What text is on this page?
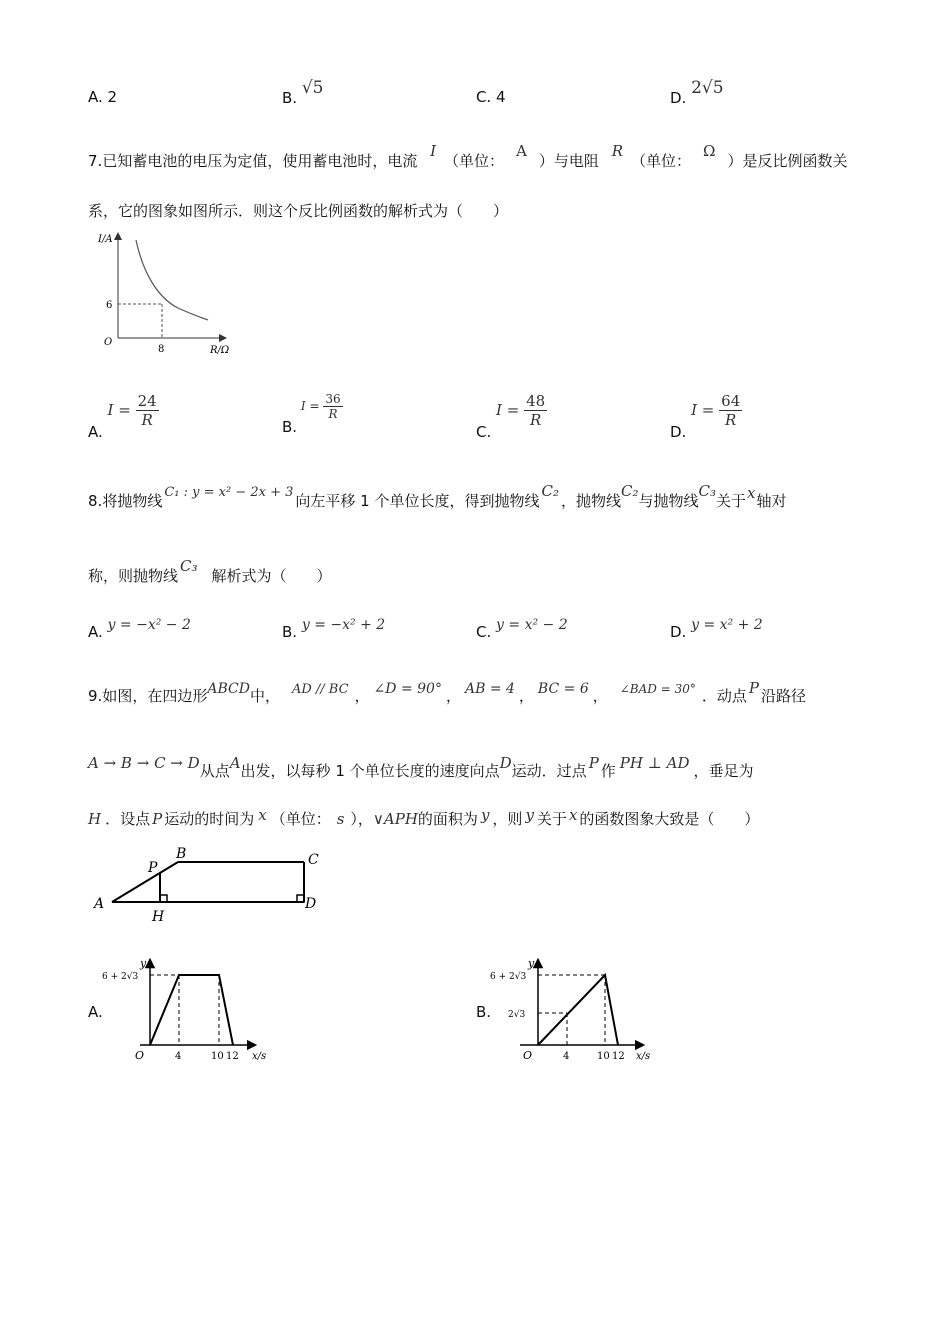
A. 2	B. √5	C. 4	D. 2√5
7.已知蓄电池的电压为定值，使用蓄电池时，电流 I（单位：A）与电阻 R（单位：Ω）是反比例函数关
系，它的图象如图所示．则这个反比例函数的解析式为（　　）
I/A
R/Ω
O
6
8
A. $I = \frac{24}{R}$	B. $I = \frac{36}{R}$
C. $I = \frac{48}{R}$
D. $I = \frac{64}{R}$
8.将抛物线 C₁ : y = x² − 2x + 3 向左平移 1 个单位长度，得到抛物线C₂，抛物线C₂与抛物线C₃关于x轴对
称，则抛物线C₃解析式为（　　）
A. y = −x² − 2	B. y = −x² + 2	C. y = x² − 2	D. y = x² + 2
9.如图，在四边形ABCD中， AD // BC ， ∠D = 90° ， AB = 4 ， BC = 6 ， $^{\angle BAD = 30^\circ}$ ．动点 P 沿路径
A → B → C → D从点A出发，以每秒 1 个单位长度的速度向点D运动．过点 P 作 PH ⊥ AD ，垂足为
H ．设点 P 运动的时间为 x （单位： s ），∨APH的面积为 y ，则 y 关于 x 的函数图象大致是（　　）
A
B	C
D
P
H
A.
y
6 + 2√3
O	4	10 12 x/s
B.
y
6 + 2√3
2√3
O	4	10 12 x/s
